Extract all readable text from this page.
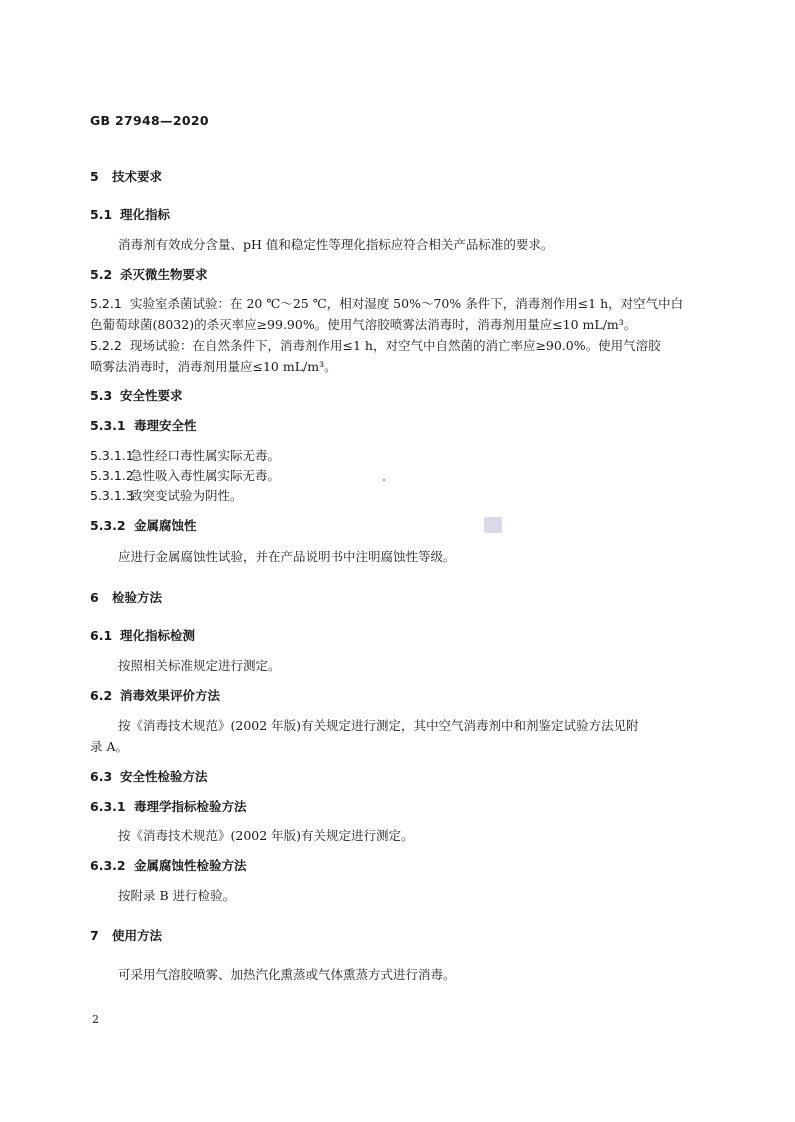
GB 27948—2020
5 技术要求
5.1 理化指标
消毒剂有效成分含量、pH 值和稳定性等理化指标应符合相关产品标准的要求。
5.2 杀灭微生物要求
5.2.1 实验室杀菌试验：在 20 ℃～25 ℃，相对湿度 50%～70% 条件下，消毒剂作用≤1 h，对空气中白
色葡萄球菌(8032)的杀灭率应≥99.90%。使用气溶胶喷雾法消毒时，消毒剂用量应≤10 mL/m³。
5.2.2 现场试验：在自然条件下，消毒剂作用≤1 h，对空气中自然菌的消亡率应≥90.0%。使用气溶胶
喷雾法消毒时，消毒剂用量应≤10 mL/m³。
5.3 安全性要求
5.3.1 毒理安全性
5.3.1.1急性经口毒性属实际无毒。
5.3.1.2急性吸入毒性属实际无毒。
5.3.1.3致突变试验为阴性。
5.3.2 金属腐蚀性
应进行金属腐蚀性试验，并在产品说明书中注明腐蚀性等级。
6 检验方法
6.1 理化指标检测
按照相关标准规定进行测定。
6.2 消毒效果评价方法
按《消毒技术规范》(2002 年版)有关规定进行测定，其中空气消毒剂中和剂鉴定试验方法见附
录 A。
6.3 安全性检验方法
6.3.1 毒理学指标检验方法
按《消毒技术规范》(2002 年版)有关规定进行测定。
6.3.2 金属腐蚀性检验方法
按附录 B 进行检验。
7 使用方法
可采用气溶胶喷雾、加热汽化熏蒸或气体熏蒸方式进行消毒。
2
